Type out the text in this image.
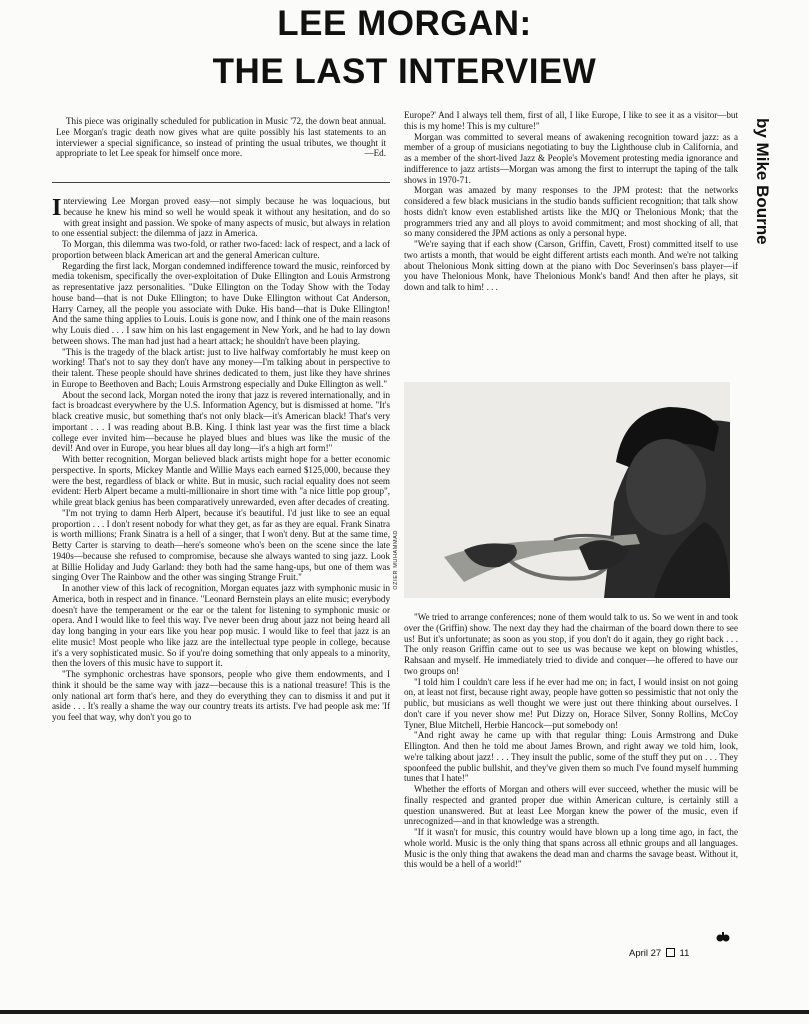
LEE MORGAN:
THE LAST INTERVIEW
by Mike Bourne

This piece was originally scheduled for publication in Music '72, the down beat annual. Lee Morgan's tragic death now gives what are quite possibly his last statements to an interviewer a special significance, so instead of printing the usual tributes, we thought it appropriate to let Lee speak for himself once more.	—Ed.

Interviewing Lee Morgan proved easy—not simply because he was loquacious, but because he knew his mind so well he would speak it without any hesitation, and do so with great insight and passion. We spoke of many aspects of music, but always in relation to one essential subject: the dilemma of jazz in America.

To Morgan, this dilemma was two-fold, or rather two-faced: lack of respect, and a lack of proportion between black American art and the general American culture.

Regarding the first lack, Morgan condemned indifference toward the music, reinforced by media tokenism, specifically the over-exploitation of Duke Ellington and Louis Armstrong as representative jazz personalities. "Duke Ellington on the Today Show with the Today house band—that is not Duke Ellington; to have Duke Ellington without Cat Anderson, Harry Carney, all the people you associate with Duke. His band—that is Duke Ellington! And the same thing applies to Louis. Louis is gone now, and I think one of the main reasons why Louis died . . . I saw him on his last engagement in New York, and he had to lay down between shows. The man had just had a heart attack; he shouldn't have been playing.

"This is the tragedy of the black artist: just to live halfway comfortably he must keep on working! That's not to say they don't have any money—I'm talking about in perspective to their talent. These people should have shrines dedicated to them, just like they have shrines in Europe to Beethoven and Bach; Louis Armstrong especially and Duke Ellington as well."

About the second lack, Morgan noted the irony that jazz is revered internationally, and in fact is broadcast everywhere by the U.S. Information Agency, but is dismissed at home. "It's black creative music, but something that's not only black—it's American black! That's very important . . . I was reading about B.B. King. I think last year was the first time a black college ever invited him—because he played blues and blues was like the music of the devil! And over in Europe, you hear blues all day long—it's a high art form!"

With better recognition, Morgan believed black artists might hope for a better economic perspective. In sports, Mickey Mantle and Willie Mays each earned $125,000, because they were the best, regardless of black or white. But in music, such racial equality does not seem evident: Herb Alpert became a multi-millionaire in short time with "a nice little pop group", while great black genius has been comparatively unrewarded, even after decades of creating.

"I'm not trying to damn Herb Alpert, because it's beautiful. I'd just like to see an equal proportion . . . I don't resent nobody for what they get, as far as they are equal. Frank Sinatra is worth millions; Frank Sinatra is a hell of a singer, that I won't deny. But at the same time, Betty Carter is starving to death—here's someone who's been on the scene since the late 1940s—because she refused to compromise, because she always wanted to sing jazz. Look at Billie Holiday and Judy Garland: they both had the same hang-ups, but one of them was singing Over The Rainbow and the other was singing Strange Fruit."

In another view of this lack of recognition, Morgan equates jazz with symphonic music in America, both in respect and in finance. "Leonard Bernstein plays an elite music; everybody doesn't have the temperament or the ear or the talent for listening to symphonic music or opera. And I would like to feel this way. I've never been drug about jazz not being heard all day long banging in your ears like you hear pop music. I would like to feel that jazz is an elite music! Most people who like jazz are the intellectual type people in college, because it's a very sophisticated music. So if you're doing something that only appeals to a minority, then the lovers of this music have to support it.

"The symphonic orchestras have sponsors, people who give them endowments, and I think it should be the same way with jazz—because this is a national treasure! This is the only national art form that's here, and they do everything they can to dismiss it and put it aside . . . It's really a shame the way our country treats its artists. I've had people ask me: 'If you feel that way, why don't you go to

Europe?' And I always tell them, first of all, I like Europe, I like to see it as a visitor—but this is my home! This is my culture!"

Morgan was committed to several means of awakening recognition toward jazz: as a member of a group of musicians negotiating to buy the Lighthouse club in California, and as a member of the short-lived Jazz & People's Movement protesting media ignorance and indifference to jazz artists—Morgan was among the first to interrupt the taping of the talk shows in 1970-71.

Morgan was amazed by many responses to the JPM protest: that the networks considered a few black musicians in the studio bands sufficient recognition; that talk show hosts didn't know even established artists like the MJQ or Thelonious Monk; that the programmers tried any and all ploys to avoid commitment; and most shocking of all, that so many considered the JPM actions as only a personal hype.

"We're saying that if each show (Carson, Griffin, Cavett, Frost) committed itself to use two artists a month, that would be eight different artists each month. And we're not talking about Thelonious Monk sitting down at the piano with Doc Severinsen's bass player—if you have Thelonious Monk, have Thelonious Monk's band! And then after he plays, sit down and talk to him! . . .

OZIER MUHAMMAD

"We tried to arrange conferences; none of them would talk to us. So we went in and took over the (Griffin) show. The next day they had the chairman of the board down there to see us! But it's unfortunate; as soon as you stop, if you don't do it again, they go right back . . . The only reason Griffin came out to see us was because we kept on blowing whistles, Rahsaan and myself. He immediately tried to divide and conquer—he offered to have our two groups on!

"I told him I couldn't care less if he ever had me on; in fact, I would insist on not going on, at least not first, because right away, people have gotten so pessimistic that not only the public, but musicians as well thought we were just out there thinking about ourselves. I don't care if you never show me! Put Dizzy on, Horace Silver, Sonny Rollins, McCoy Tyner, Blue Mitchell, Herbie Hancock—put somebody on!

"And right away he came up with that regular thing: Louis Armstrong and Duke Ellington. And then he told me about James Brown, and right away we told him, look, we're talking about jazz! . . . They insult the public, some of the stuff they put on . . . They spoonfeed the public bullshit, and they've given them so much I've found myself humming tunes that I hate!"

Whether the efforts of Morgan and others will ever succeed, whether the music will be finally respected and granted proper due within American culture, is certainly still a question unanswered. But at least Lee Morgan knew the power of the music, even if unrecognized—and in that knowledge was a strength.

"If it wasn't for music, this country would have blown up a long time ago, in fact, the whole world. Music is the only thing that spans across all ethnic groups and all languages. Music is the only thing that awakens the dead man and charms the savage beast. Without it, this would be a hell of a world!"

April 27 11
